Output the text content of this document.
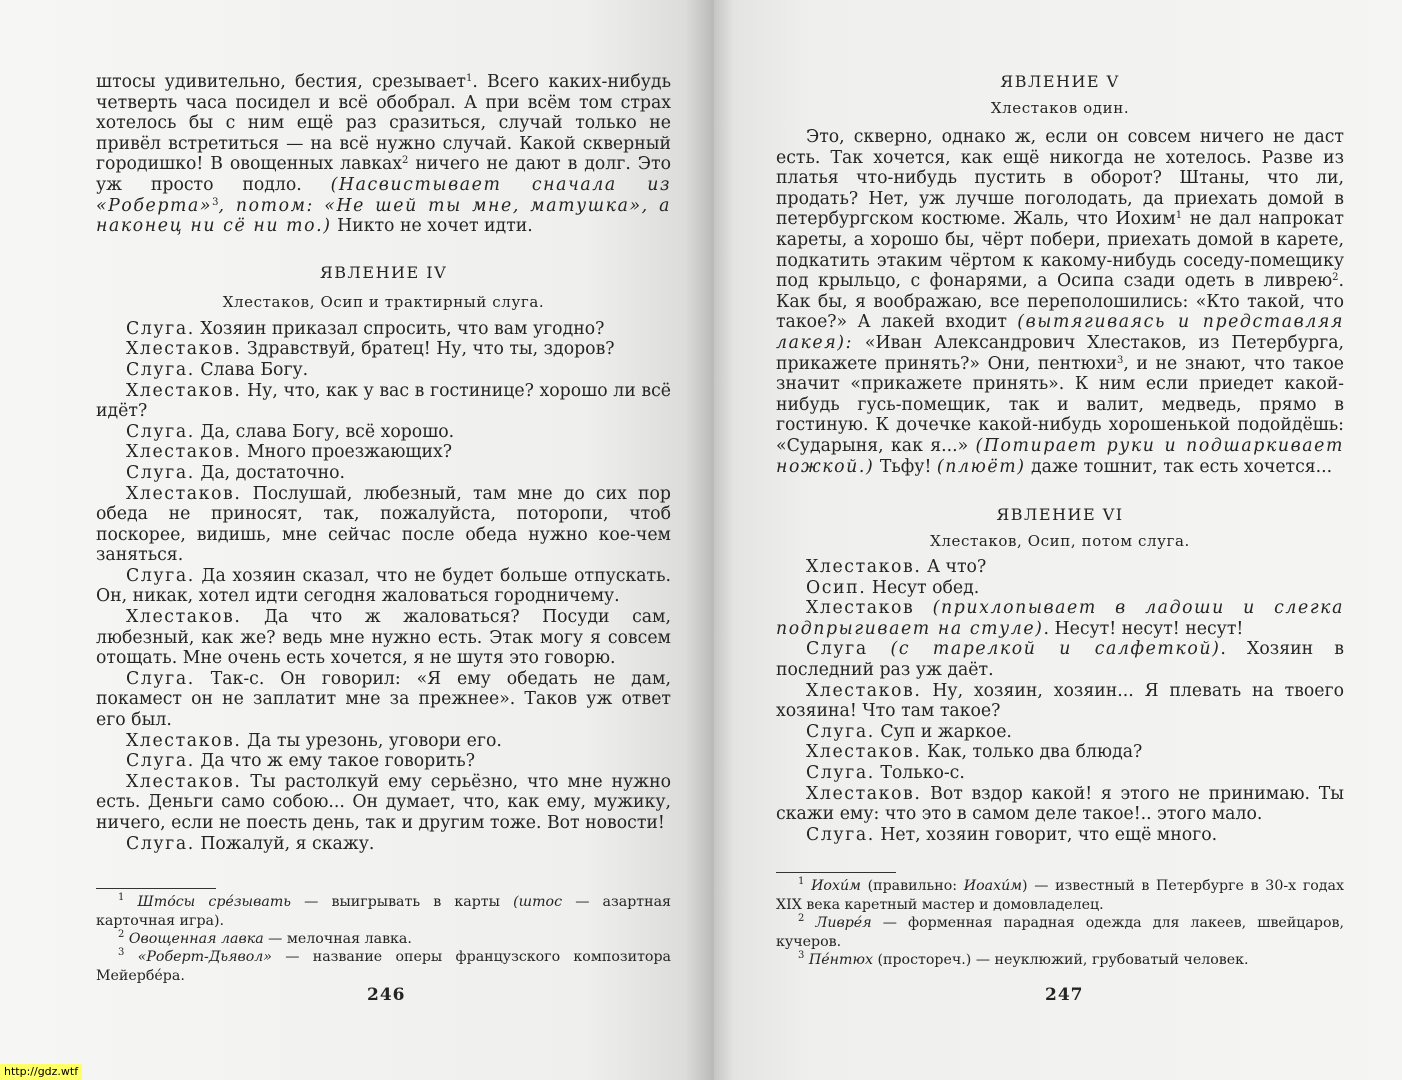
штосы удивительно, бестия, срезывает$^1$. Всего каких-нибудь четверть часа посидел и всё обобрал. А при всём том страх хотелось бы с ним ещё раз сразиться, случай только не привёл встретиться — на всё нужно случай. Какой скверный городишко! В овощенных лавках$^2$ ничего не дают в долг. Это уж просто подло. (Насвистывает сначала из «Роберта»$^3$, потом: «Не шей ты мне, матушка», а наконец ни сё ни то.) Никто не хочет идти.

ЯВЛЕНИЕ IV

Хлестаков, Осип и трактирный слуга.

Слуга. Хозяин приказал спросить, что вам угодно?

Хлестаков. Здравствуй, братец! Ну, что ты, здоров?

Слуга. Слава Богу.

Хлестаков. Ну, что, как у вас в гостинице? хорошо ли всё идёт?

Слуга. Да, слава Богу, всё хорошо.

Хлестаков. Много проезжающих?

Слуга. Да, достаточно.

Хлестаков. Послушай, любезный, там мне до сих пор обеда не приносят, так, пожалуйста, поторопи, чтоб поскорее, видишь, мне сейчас после обеда нужно кое-чем заняться.

Слуга. Да хозяин сказал, что не будет больше отпускать. Он, никак, хотел идти сегодня жаловаться городничему.

Хлестаков. Да что ж жаловаться? Посуди сам, любезный, как же? ведь мне нужно есть. Этак могу я совсем отощать. Мне очень есть хочется, я не шутя это говорю.

Слуга. Так-с. Он говорил: «Я ему обедать не дам, покамест он не заплатит мне за прежнее». Таков уж ответ его был.

Хлестаков. Да ты урезонь, уговори его.

Слуга. Да что ж ему такое говорить?

Хлестаков. Ты растолкуй ему серьёзно, что мне нужно есть. Деньги само собою... Он думает, что, как ему, мужику, ничего, если не поесть день, так и другим тоже. Вот новости!

Слуга. Пожалуй, я скажу.

$^1$ Што́сы срéзывать — выигрывать в карты (штос — азартная карточная игра).

$^2$ Овощенная лавка — мелочная лавка.

$^3$ «Роберт-Дьявол» — название оперы французского композитора Мейербéра.

246

ЯВЛЕНИЕ V

Хлестаков один.

Это, скверно, однако ж, если он совсем ничего не даст есть. Так хочется, как ещё никогда не хотелось. Разве из платья что-нибудь пустить в оборот? Штаны, что ли, продать? Нет, уж лучше поголодать, да приехать домой в петербургском костюме. Жаль, что Иохим$^1$ не дал напрокат кареты, а хорошо бы, чёрт побери, приехать домой в карете, подкатить этаким чёртом к какому-нибудь соседу-помещику под крыльцо, с фонарями, а Осипа сзади одеть в ливрею$^2$. Как бы, я воображаю, все переполошились: «Кто такой, что такое?» А лакей входит (вытягиваясь и представляя лакея): «Иван Александрович Хлестаков, из Петербурга, прикажете принять?» Они, пентюхи$^3$, и не знают, что такое значит «прикажете принять». К ним если приедет какой-нибудь гусь-помещик, так и валит, медведь, прямо в гостиную. К дочечке какой-нибудь хорошенькой подойдёшь: «Сударыня, как я...» (Потирает руки и подшаркивает ножкой.) Тьфу! (плюёт) даже тошнит, так есть хочется...

ЯВЛЕНИЕ VI

Хлестаков, Осип, потом слуга.

Хлестаков. А что?

Осип. Несут обед.

Хлестаков (прихлопывает в ладоши и слегка подпрыгивает на стуле). Несут! несут! несут!

Слуга (с тарелкой и салфеткой). Хозяин в последний раз уж даёт.

Хлестаков. Ну, хозяин, хозяин... Я плевать на твоего хозяина! Что там такое?

Слуга. Суп и жаркое.

Хлестаков. Как, только два блюда?

Слуга. Только-с.

Хлестаков. Вот вздор какой! я этого не принимаю. Ты скажи ему: что это в самом деле такое!.. этого мало.

Слуга. Нет, хозяин говорит, что ещё много.

$^1$ Иохи́м (правильно: Иоахи́м) — известный в Петербурге в 30-х годах XIX века каретный мастер и домовладелец.

$^2$ Ливрéя — форменная парадная одежда для лакеев, швейцаров, кучеров.

$^3$ Пéнтюх (простореч.) — неуклюжий, грубоватый человек.

247
http://gdz.wtf
